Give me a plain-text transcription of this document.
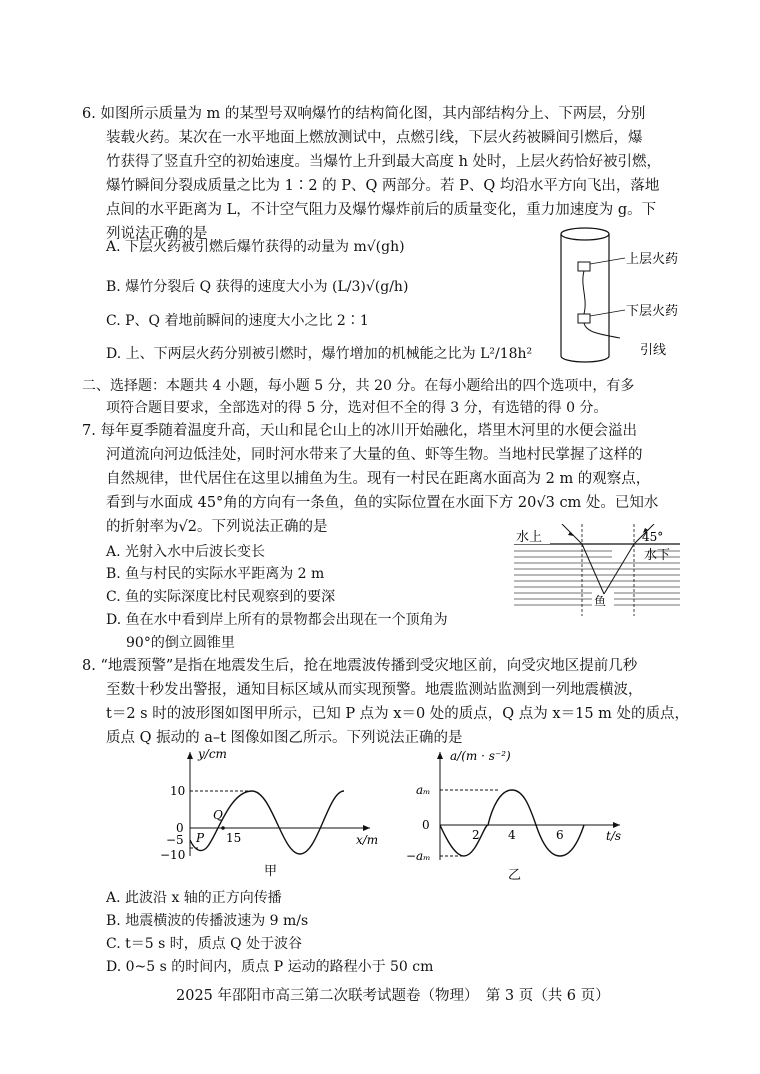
6. 如图所示质量为 m 的某型号双响爆竹的结构简化图，其内部结构分上、下两层，分别
装载火药。某次在一水平地面上燃放测试中，点燃引线，下层火药被瞬间引燃后，爆
竹获得了竖直升空的初始速度。当爆竹上升到最大高度 h 处时，上层火药恰好被引燃，
爆竹瞬间分裂成质量之比为 1∶2 的 P、Q 两部分。若 P、Q 均沿水平方向飞出，落地
点间的水平距离为 L，不计空气阻力及爆竹爆炸前后的质量变化，重力加速度为 g。下
列说法正确的是
A. 下层火药被引燃后爆竹获得的动量为 m√(gh)
B. 爆竹分裂后 Q 获得的速度大小为 (L/3)√(g/h)
C. P、Q 着地前瞬间的速度大小之比 2∶1
D. 上、下两层火药分别被引燃时，爆竹增加的机械能之比为 L²/18h²
上层火药
下层火药
引线
二、选择题：本题共 4 小题，每小题 5 分，共 20 分。在每小题给出的四个选项中，有多
项符合题目要求，全部选对的得 5 分，选对但不全的得 3 分，有选错的得 0 分。
7. 每年夏季随着温度升高，天山和昆仑山上的冰川开始融化，塔里木河里的水便会溢出
河道流向河边低洼处，同时河水带来了大量的鱼、虾等生物。当地村民掌握了这样的
自然规律，世代居住在这里以捕鱼为生。现有一村民在距离水面高为 2 m 的观察点，
看到与水面成 45°角的方向有一条鱼，鱼的实际位置在水面下方 20√3 cm 处。已知水
的折射率为√2。下列说法正确的是
A. 光射入水中后波长变长
B. 鱼与村民的实际水平距离为 2 m
C. 鱼的实际深度比村民观察到的要深
D. 鱼在水中看到岸上所有的景物都会出现在一个顶角为
90°的倒立圆锥里
水上	45°
水下
鱼
8. “地震预警”是指在地震发生后，抢在地震波传播到受灾地区前，向受灾地区提前几秒
至数十秒发出警报，通知目标区域从而实现预警。地震监测站监测到一列地震横波，
t＝2 s 时的波形图如图甲所示，已知 P 点为 x＝0 处的质点，Q 点为 x＝15 m 处的质点，
质点 Q 振动的 a–t 图像如图乙所示。下列说法正确的是
y/cm
x/m
10
0
−5
−10
15
P
Q
甲
a/(m · s⁻²)
t/s
aₘ
0
−aₘ
2 4	6
乙
A. 此波沿 x 轴的正方向传播
B. 地震横波的传播波速为 9 m/s
C. t＝5 s 时，质点 Q 处于波谷
D. 0~5 s 的时间内，质点 P 运动的路程小于 50 cm
2025 年邵阳市高三第二次联考试题卷（物理）　第 3 页（共 6 页）
